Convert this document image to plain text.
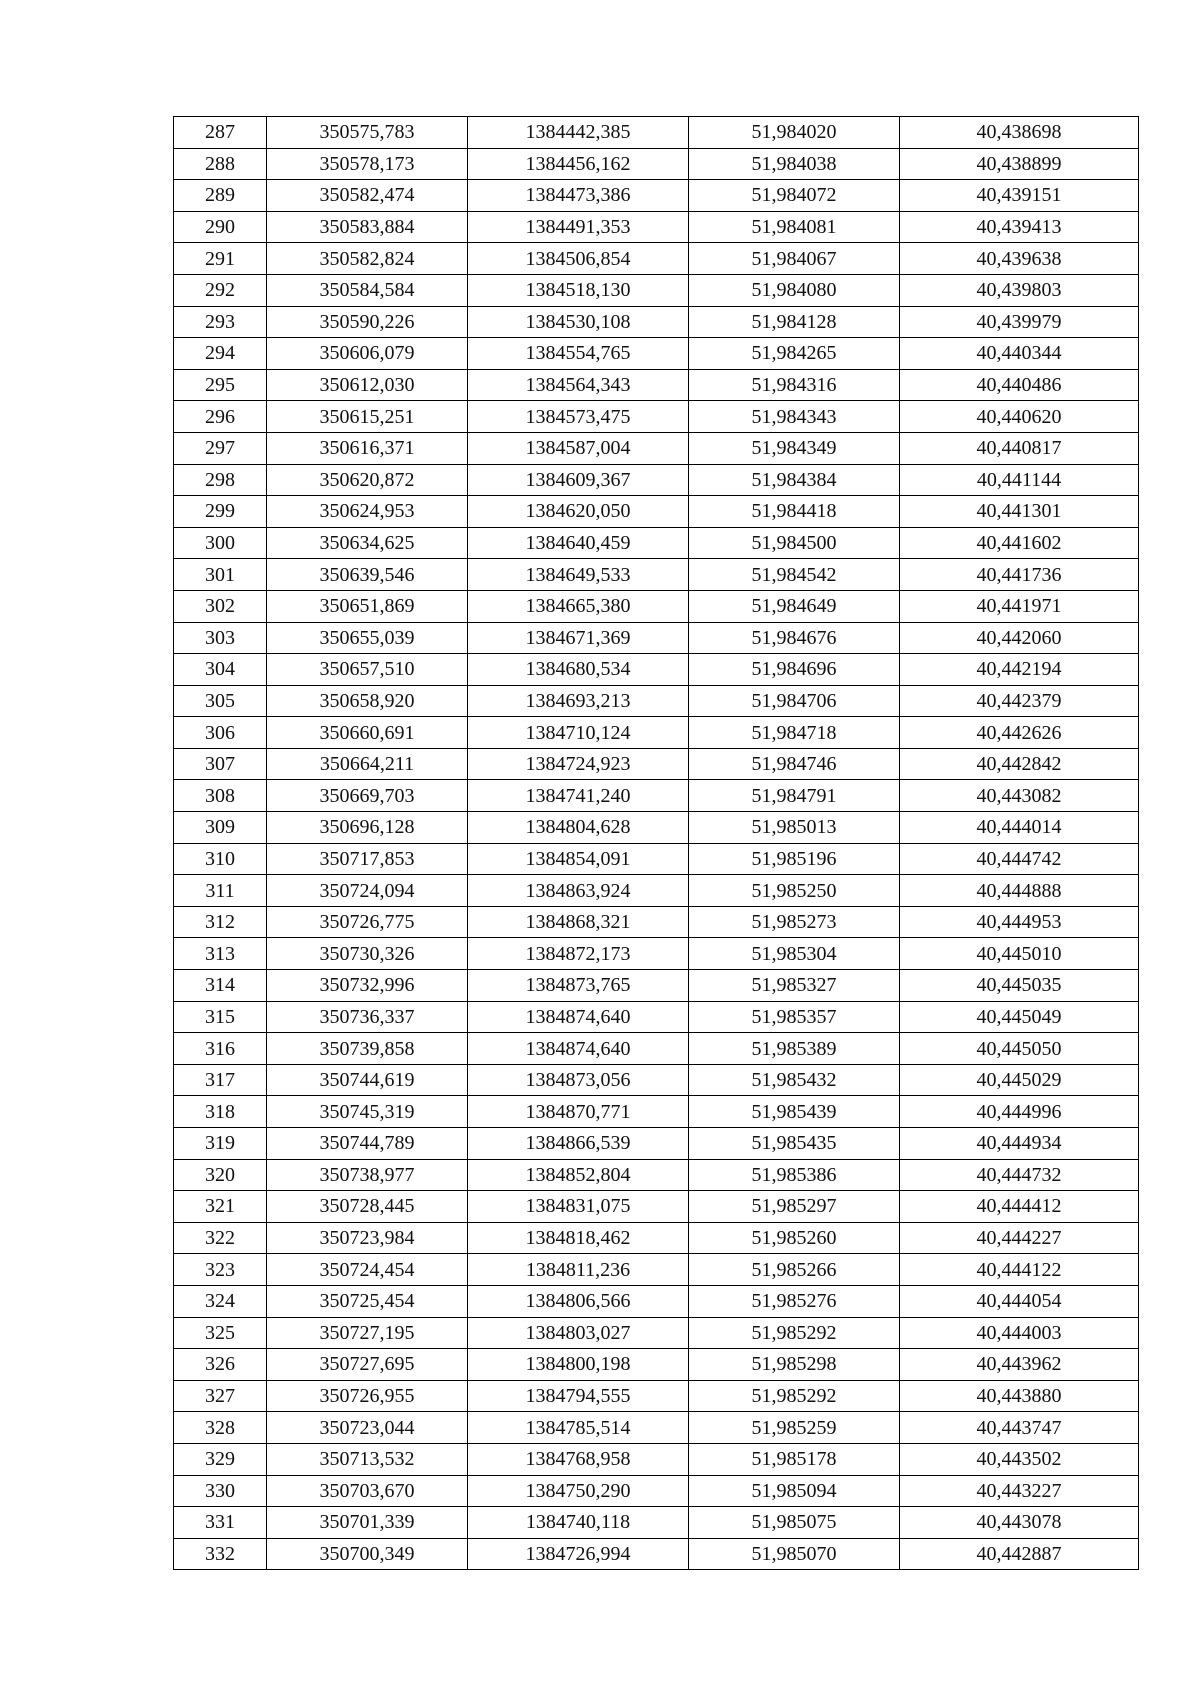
287	350575,783	1384442,385	51,984020	40,438698
288	350578,173	1384456,162	51,984038	40,438899
289	350582,474	1384473,386	51,984072	40,439151
290	350583,884	1384491,353	51,984081	40,439413
291	350582,824	1384506,854	51,984067	40,439638
292	350584,584	1384518,130	51,984080	40,439803
293	350590,226	1384530,108	51,984128	40,439979
294	350606,079	1384554,765	51,984265	40,440344
295	350612,030	1384564,343	51,984316	40,440486
296	350615,251	1384573,475	51,984343	40,440620
297	350616,371	1384587,004	51,984349	40,440817
298	350620,872	1384609,367	51,984384	40,441144
299	350624,953	1384620,050	51,984418	40,441301
300	350634,625	1384640,459	51,984500	40,441602
301	350639,546	1384649,533	51,984542	40,441736
302	350651,869	1384665,380	51,984649	40,441971
303	350655,039	1384671,369	51,984676	40,442060
304	350657,510	1384680,534	51,984696	40,442194
305	350658,920	1384693,213	51,984706	40,442379
306	350660,691	1384710,124	51,984718	40,442626
307	350664,211	1384724,923	51,984746	40,442842
308	350669,703	1384741,240	51,984791	40,443082
309	350696,128	1384804,628	51,985013	40,444014
310	350717,853	1384854,091	51,985196	40,444742
311	350724,094	1384863,924	51,985250	40,444888
312	350726,775	1384868,321	51,985273	40,444953
313	350730,326	1384872,173	51,985304	40,445010
314	350732,996	1384873,765	51,985327	40,445035
315	350736,337	1384874,640	51,985357	40,445049
316	350739,858	1384874,640	51,985389	40,445050
317	350744,619	1384873,056	51,985432	40,445029
318	350745,319	1384870,771	51,985439	40,444996
319	350744,789	1384866,539	51,985435	40,444934
320	350738,977	1384852,804	51,985386	40,444732
321	350728,445	1384831,075	51,985297	40,444412
322	350723,984	1384818,462	51,985260	40,444227
323	350724,454	1384811,236	51,985266	40,444122
324	350725,454	1384806,566	51,985276	40,444054
325	350727,195	1384803,027	51,985292	40,444003
326	350727,695	1384800,198	51,985298	40,443962
327	350726,955	1384794,555	51,985292	40,443880
328	350723,044	1384785,514	51,985259	40,443747
329	350713,532	1384768,958	51,985178	40,443502
330	350703,670	1384750,290	51,985094	40,443227
331	350701,339	1384740,118	51,985075	40,443078
332	350700,349	1384726,994	51,985070	40,442887
